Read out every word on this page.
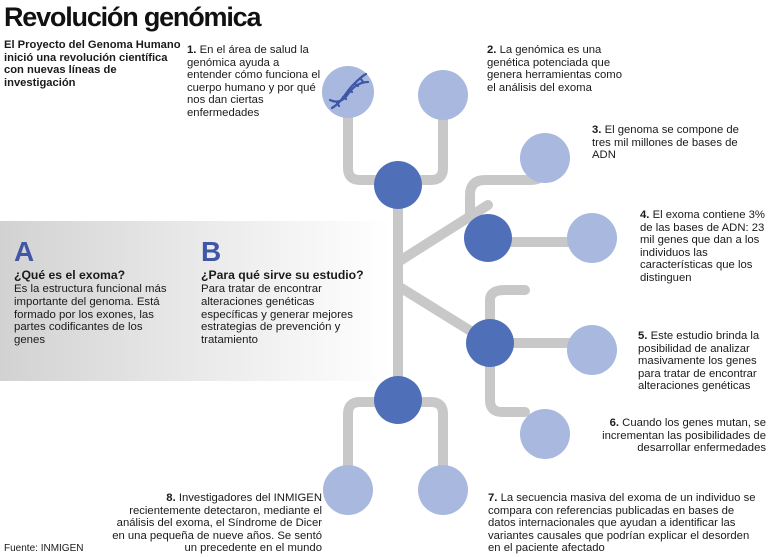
Revolución genómica
El Proyecto del Genoma Humano inició una revolución científica con nuevas líneas de investigación
1. En el área de salud la genómica ayuda a entender cómo funciona el cuerpo humano y por qué nos dan ciertas enfermedades
2. La genómica es una genética potenciada que genera herramientas como el análisis del exoma
3. El genoma se compone de tres mil millones de bases de ADN
4. El exoma contiene 3% de las bases de ADN: 23 mil genes que dan a los individuos las características que los distinguen
5. Este estudio brinda la posibilidad de analizar masivamente los genes para tratar de encontrar alteraciones genéticas
6. Cuando los genes mutan, se incrementan las posibilidades de desarrollar enfermedades
7. La secuencia masiva del exoma de un individuo se compara con referencias publicadas en bases de datos internacionales que ayudan a identificar las variantes causales que podrían explicar el desorden en el paciente afectado
8. Investigadores del INMIGEN recientemente detectaron, mediante el análisis del exoma, el Síndrome de Dicer en una pequeña de nueve años. Se sentó un precedente en el mundo
A
¿Qué es el exoma?
Es la estructura funcional más importante del genoma. Está formado por los exones, las partes codificantes de los genes
B
¿Para qué sirve su estudio?
Para tratar de encontrar alteraciones genéticas específicas y generar mejores estrategias de prevención y tratamiento
Fuente: INMIGEN
